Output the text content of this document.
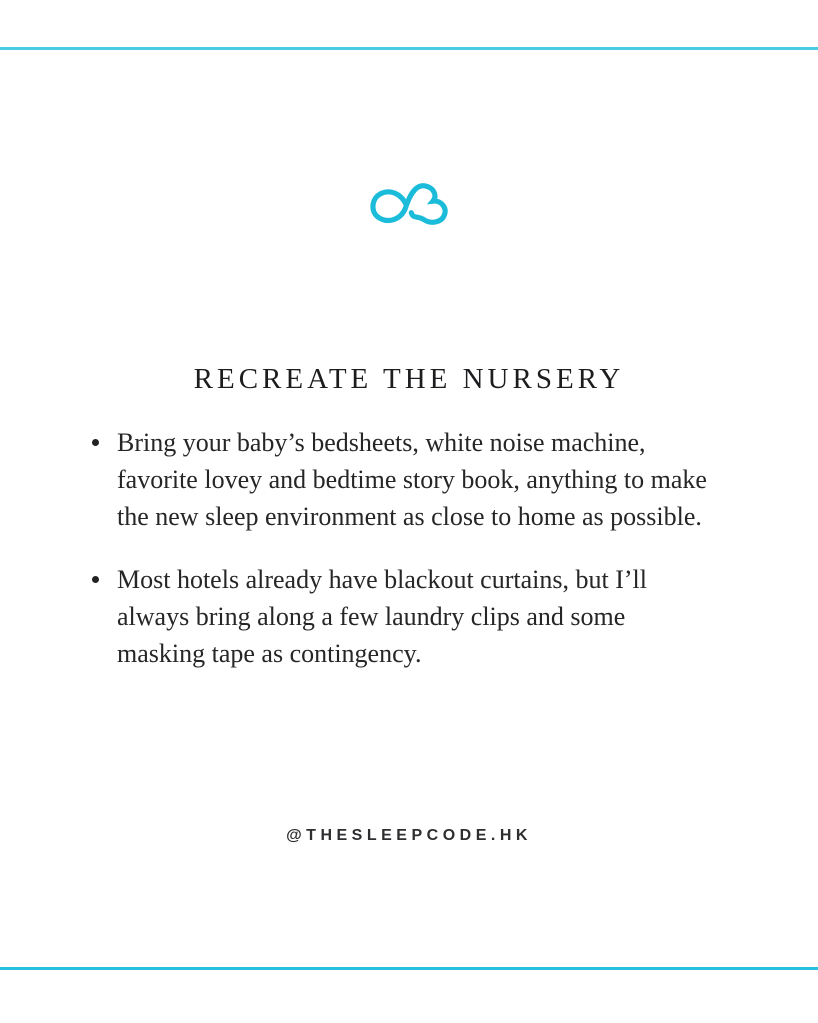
RECREATE THE NURSERY
Bring your baby’s bedsheets, white noise machine, favorite lovey and bedtime story book, anything to make the new sleep environment as close to home as possible.
Most hotels already have blackout curtains, but I’ll always bring along a few laundry clips and some masking tape as contingency.
@THESLEEPCODE.HK
